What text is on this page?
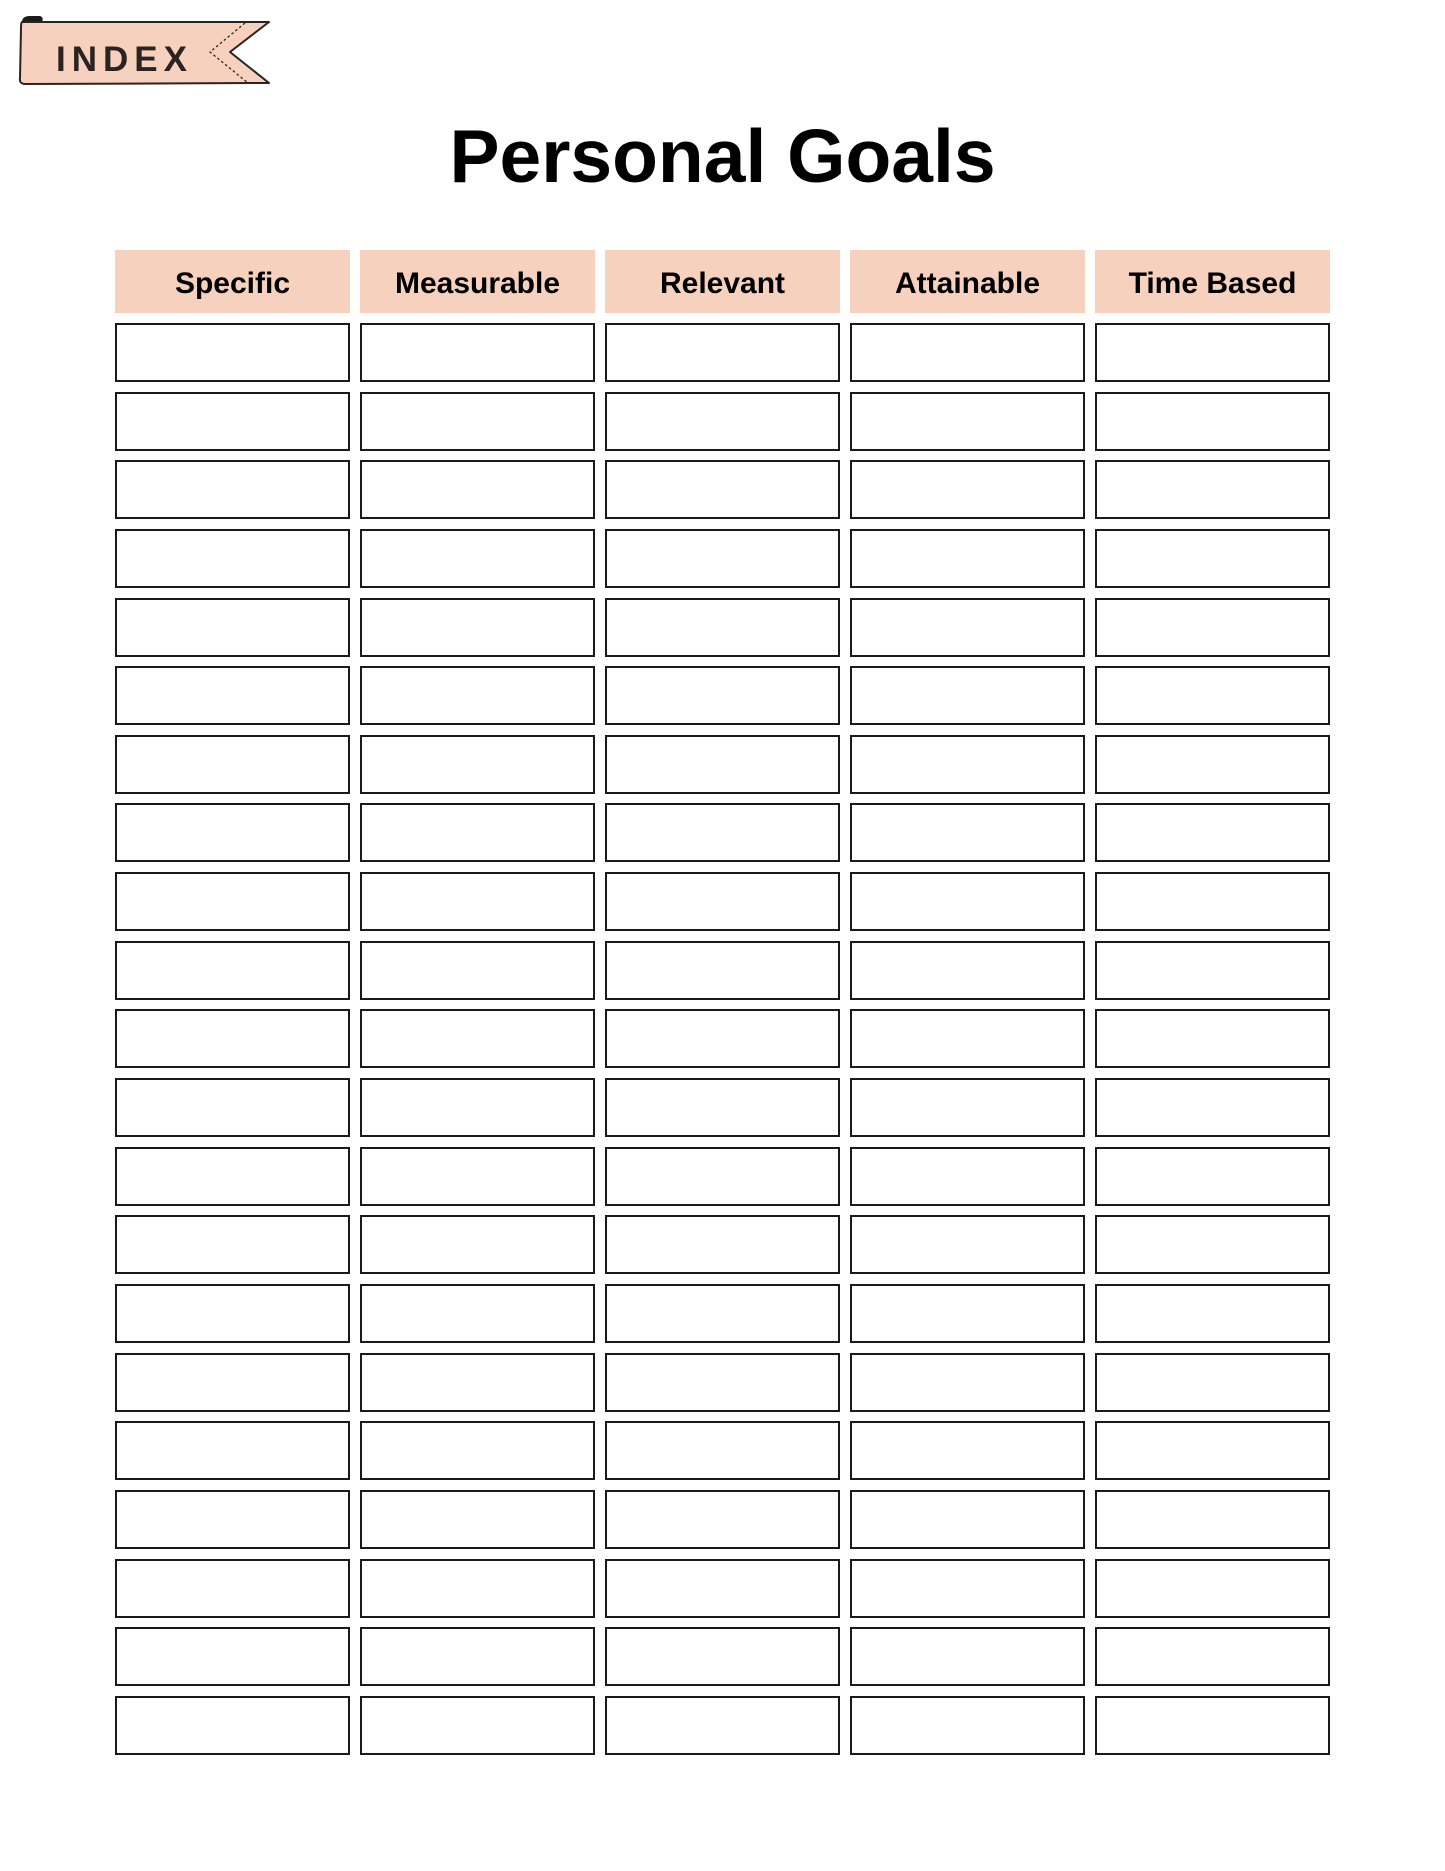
INDEX
Personal Goals
Specific	Measurable	Relevant	Attainable	Time Based
